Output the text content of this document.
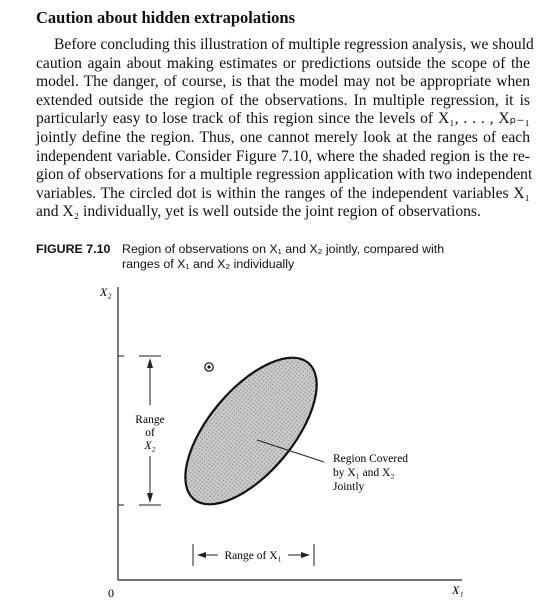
Caution about hidden extrapolations
Before concluding this illustration of multiple regression analysis, we should
caution again about making estimates or predictions outside the scope of the
model. The danger, of course, is that the model may not be appropriate when
extended outside the region of the observations. In multiple regression, it is
particularly easy to lose track of this region since the levels of X₁, . . . , Xₚ₋₁
jointly define the region. Thus, one cannot merely look at the ranges of each
independent variable. Consider Figure 7.10, where the shaded region is the re-
gion of observations for a multiple regression application with two independent
variables. The circled dot is within the ranges of the independent variables X₁
and X₂ individually, yet is well outside the joint region of observations.
FIGURE 7.10 Region of observations on X₁ and X₂ jointly, compared with
ranges of X₁ and X₂ individually
X₂
X₁
0
Range
of
X₂
Range of X₁
Region Covered
by X₁ and X₂
Jointly
